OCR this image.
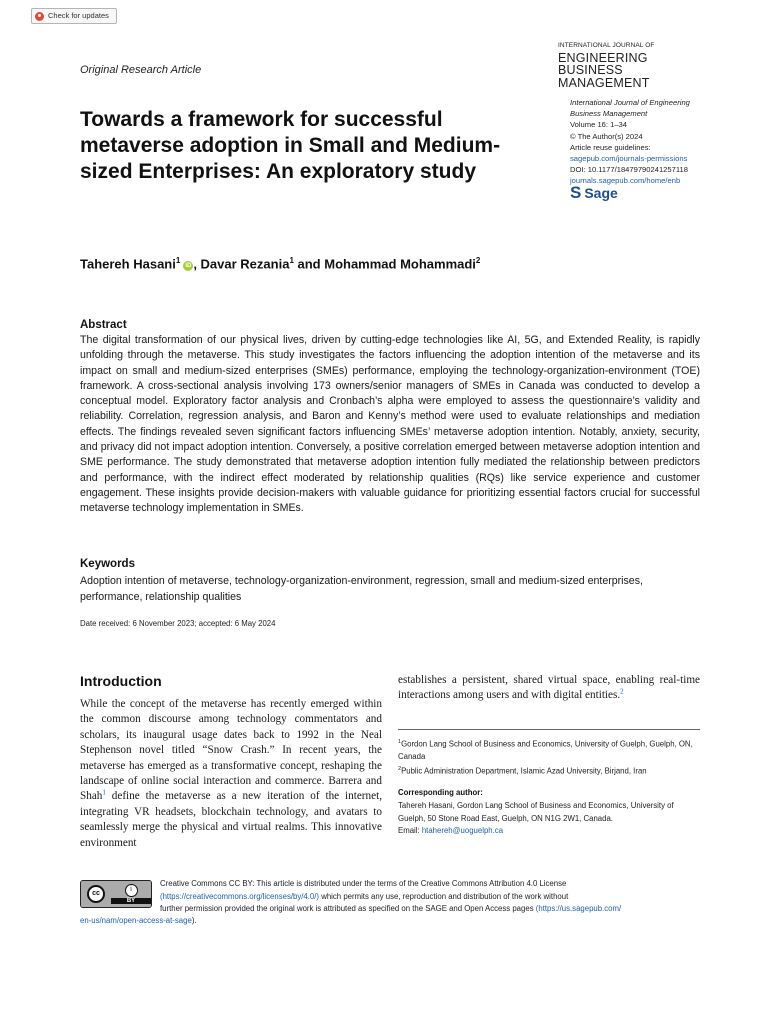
Check for updates
Original Research Article
INTERNATIONAL JOURNAL OF
ENGINEERING BUSINESS
MANAGEMENT
International Journal of Engineering
Business Management
Volume 16: 1–34
© The Author(s) 2024
Article reuse guidelines:
sagepub.com/journals-permissions
DOI: 10.1177/18479790241257118
journals.sagepub.com/home/enb
S Sage
Towards a framework for successful metaverse adoption in Small and Medium-sized Enterprises: An exploratory study
Tahereh Hasani$^1$iD , Davar Rezania$^1$ and Mohammad Mohammadi$^2$
Abstract
The digital transformation of our physical lives, driven by cutting-edge technologies like AI, 5G, and Extended Reality, is rapidly unfolding through the metaverse. This study investigates the factors influencing the adoption intention of the metaverse and its impact on small and medium-sized enterprises (SMEs) performance, employing the technology-organization-environment (TOE) framework. A cross-sectional analysis involving 173 owners/senior managers of SMEs in Canada was conducted to develop a conceptual model. Exploratory factor analysis and Cronbach’s alpha were employed to assess the questionnaire’s validity and reliability. Correlation, regression analysis, and Baron and Kenny’s method were used to evaluate relationships and mediation effects. The findings revealed seven significant factors influencing SMEs’ metaverse adoption intention. Notably, anxiety, security, and privacy did not impact adoption intention. Conversely, a positive correlation emerged between metaverse adoption intention and SME performance. The study demonstrated that metaverse adoption intention fully mediated the relationship between predictors and performance, with the indirect effect moderated by relationship qualities (RQs) like service experience and customer engagement. These insights provide decision-makers with valuable guidance for prioritizing essential factors crucial for successful metaverse technology implementation in SMEs.
Keywords
Adoption intention of metaverse, technology-organization-environment, regression, small and medium-sized enterprises, performance, relationship qualities
Date received: 6 November 2023; accepted: 6 May 2024
Introduction
While the concept of the metaverse has recently emerged within the common discourse among technology commentators and scholars, its inaugural usage dates back to 1992 in the Neal Stephenson novel titled “Snow Crash.” In recent years, the metaverse has emerged as a transformative concept, reshaping the landscape of online social interaction and commerce. Barrera and Shah$^1$ define the metaverse as a new iteration of the internet, integrating VR headsets, blockchain technology, and avatars to seamlessly merge the physical and virtual realms. This innovative environment
establishes a persistent, shared virtual space, enabling real-time interactions among users and with digital entities.$^2$
$^1$Gordon Lang School of Business and Economics, University of Guelph, Guelph, ON, Canada
$^2$Public Administration Department, Islamic Azad University, Birjand, Iran
Corresponding author:
Tahereh Hasani, Gordon Lang School of Business and Economics, University of Guelph, 50 Stone Road East, Guelph, ON N1G 2W1, Canada.
Email: htahereh@uoguelph.ca
cc
i
BY
Creative Commons CC BY: This article is distributed under the terms of the Creative Commons Attribution 4.0 License
(https://creativecommons.org/licenses/by/4.0/) which permits any use, reproduction and distribution of the work without
further permission provided the original work is attributed as specified on the SAGE and Open Access pages (https://us.sagepub.com/
en-us/nam/open-access-at-sage).
